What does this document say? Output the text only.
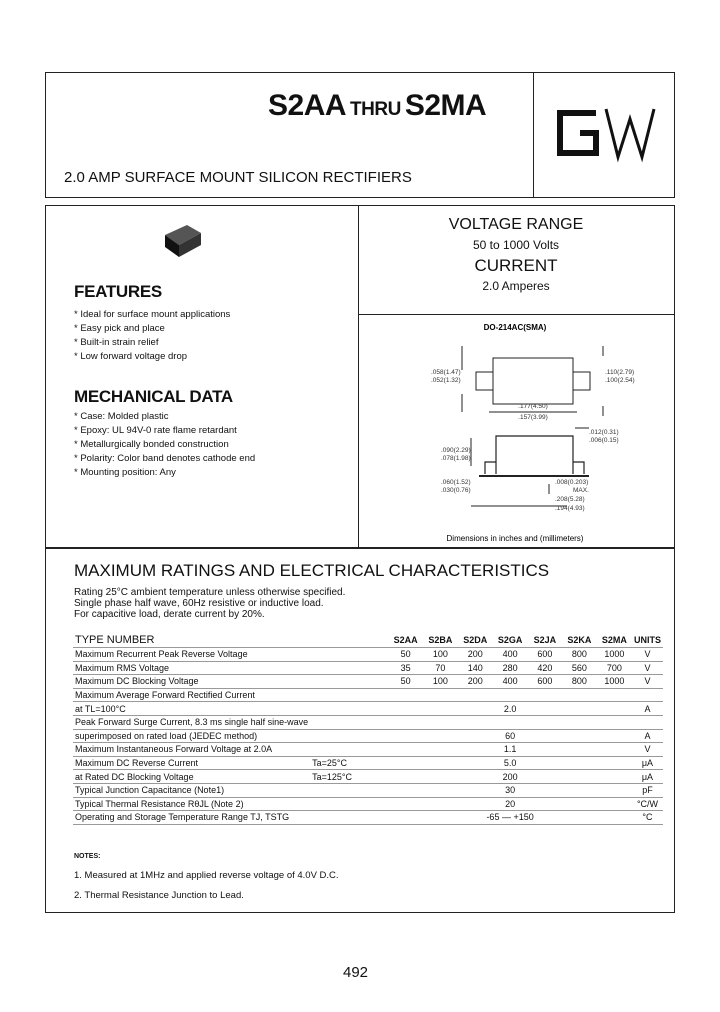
S2AA THRU S2MA
2.0 AMP SURFACE MOUNT SILICON RECTIFIERS
FEATURES
* Ideal for surface mount applications
* Easy pick and place
* Built-in strain relief
* Low forward voltage drop
MECHANICAL DATA
* Case: Molded plastic
* Epoxy: UL 94V-0 rate flame retardant
* Metallurgically bonded construction
* Polarity: Color band denotes cathode end
* Mounting position: Any
VOLTAGE RANGE
50 to 1000 Volts
CURRENT
2.0 Amperes
DO-214AC(SMA)
.058(1.47)
.052(1.32)
.110(2.79)
.100(2.54)
.177(4.50)
.157(3.99)
.012(0.31)
.006(0.15)
.090(2.29)
.078(1.98)
.060(1.52)
.030(0.76)
.008(0.203)
MAX.
.208(5.28)
.194(4.93)
Dimensions in inches and (millimeters)
MAXIMUM RATINGS AND ELECTRICAL CHARACTERISTICS
Rating 25°C ambient temperature unless otherwise specified.
Single phase half wave, 60Hz resistive or inductive load.
For capacitive load, derate current by 20%.
TYPE NUMBER		S2AA	S2BA	S2DA	S2GA	S2JA	S2KA	S2MA	UNITS
Maximum Recurrent Peak Reverse Voltage		50	100	200	400	600	800	1000	V
Maximum RMS Voltage		35	70	140	280	420	560	700	V
Maximum DC Blocking Voltage		50	100	200	400	600	800	1000	V
Maximum Average Forward Rectified Current									
at TL=100°C		2.0							A
Peak Forward Surge Current, 8.3 ms single half sine-wave									
superimposed on rated load (JEDEC method)		60							A
Maximum Instantaneous Forward Voltage at 2.0A		1.1							V
Maximum DC Reverse Current	Ta=25°C	5.0							μA
at Rated DC Blocking Voltage	Ta=125°C	200							μA
Typical Junction Capacitance (Note1)		30							pF
Typical Thermal Resistance RθJL (Note 2)		20							°C/W
Operating and Storage Temperature Range TJ, TSTG		-65 — +150							°C
NOTES:
1. Measured at 1MHz and applied reverse voltage of 4.0V D.C.
2. Thermal Resistance Junction to Lead.
492
